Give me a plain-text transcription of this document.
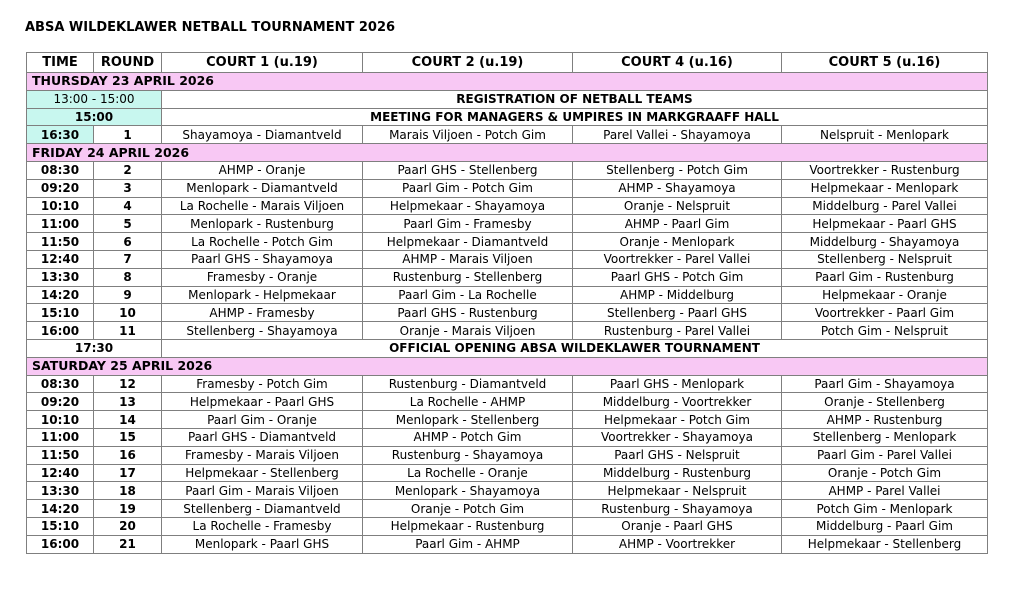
ABSA WILDEKLAWER NETBALL TOURNAMENT 2026
TIME	ROUND	COURT 1 (u.19)	COURT 2 (u.19)	COURT 4 (u.16)	COURT 5 (u.16)
THURSDAY 23 APRIL 2026					
13:00 - 15:00		REGISTRATION OF NETBALL TEAMS			
15:00		MEETING FOR MANAGERS & UMPIRES IN MARKGRAAFF HALL			
16:30	1	Shayamoya - Diamantveld	Marais Viljoen - Potch Gim	Parel Vallei - Shayamoya	Nelspruit - Menlopark
FRIDAY 24 APRIL 2026					
08:30	2	AHMP - Oranje	Paarl GHS - Stellenberg	Stellenberg - Potch Gim	Voortrekker - Rustenburg
09:20	3	Menlopark - Diamantveld	Paarl Gim - Potch Gim	AHMP - Shayamoya	Helpmekaar - Menlopark
10:10	4	La Rochelle - Marais Viljoen	Helpmekaar - Shayamoya	Oranje - Nelspruit	Middelburg - Parel Vallei
11:00	5	Menlopark - Rustenburg	Paarl Gim - Framesby	AHMP - Paarl Gim	Helpmekaar - Paarl GHS
11:50	6	La Rochelle - Potch Gim	Helpmekaar - Diamantveld	Oranje - Menlopark	Middelburg - Shayamoya
12:40	7	Paarl GHS - Shayamoya	AHMP - Marais Viljoen	Voortrekker - Parel Vallei	Stellenberg - Nelspruit
13:30	8	Framesby - Oranje	Rustenburg - Stellenberg	Paarl GHS - Potch Gim	Paarl Gim - Rustenburg
14:20	9	Menlopark - Helpmekaar	Paarl Gim - La Rochelle	AHMP - Middelburg	Helpmekaar - Oranje
15:10	10	AHMP - Framesby	Paarl GHS - Rustenburg	Stellenberg - Paarl GHS	Voortrekker - Paarl Gim
16:00	11	Stellenberg - Shayamoya	Oranje - Marais Viljoen	Rustenburg - Parel Vallei	Potch Gim - Nelspruit
17:30		OFFICIAL OPENING ABSA WILDEKLAWER TOURNAMENT			
SATURDAY 25 APRIL 2026					
08:30	12	Framesby - Potch Gim	Rustenburg - Diamantveld	Paarl GHS - Menlopark	Paarl Gim - Shayamoya
09:20	13	Helpmekaar - Paarl GHS	La Rochelle - AHMP	Middelburg - Voortrekker	Oranje - Stellenberg
10:10	14	Paarl Gim - Oranje	Menlopark - Stellenberg	Helpmekaar - Potch Gim	AHMP - Rustenburg
11:00	15	Paarl GHS - Diamantveld	AHMP - Potch Gim	Voortrekker - Shayamoya	Stellenberg - Menlopark
11:50	16	Framesby - Marais Viljoen	Rustenburg - Shayamoya	Paarl GHS - Nelspruit	Paarl Gim - Parel Vallei
12:40	17	Helpmekaar - Stellenberg	La Rochelle - Oranje	Middelburg - Rustenburg	Oranje - Potch Gim
13:30	18	Paarl Gim - Marais Viljoen	Menlopark - Shayamoya	Helpmekaar - Nelspruit	AHMP - Parel Vallei
14:20	19	Stellenberg - Diamantveld	Oranje - Potch Gim	Rustenburg - Shayamoya	Potch Gim - Menlopark
15:10	20	La Rochelle - Framesby	Helpmekaar - Rustenburg	Oranje - Paarl GHS	Middelburg - Paarl Gim
16:00	21	Menlopark - Paarl GHS	Paarl Gim - AHMP	AHMP - Voortrekker	Helpmekaar - Stellenberg
